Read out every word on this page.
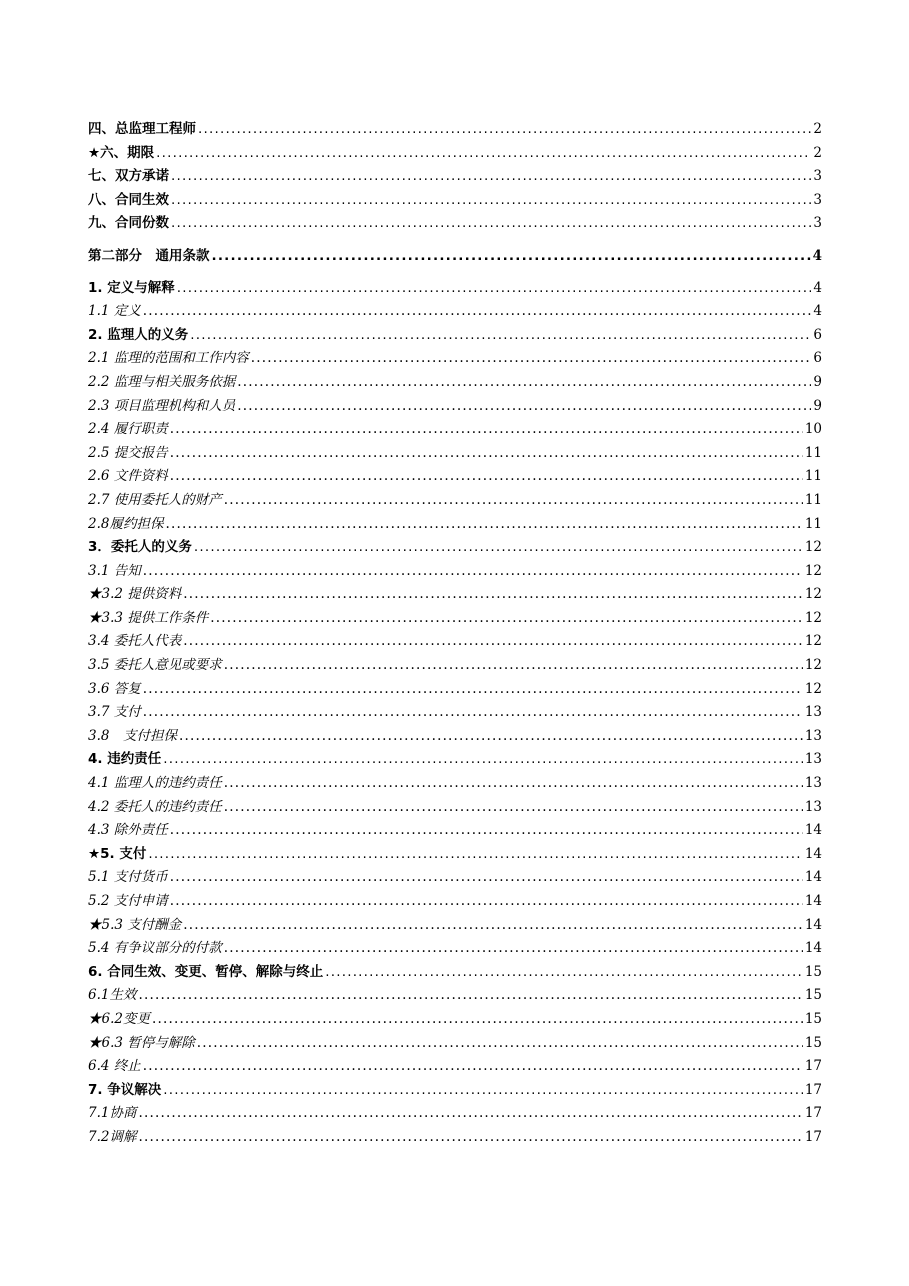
四、总监理工程师 .....	2
★六、期限 .....	2
七、双方承诺 .....	3
八、合同生效 .....	3
九、合同份数 .....	3
第二部分　通用条款 .....	4
1. 定义与解释 .....	4
1.1 定义 .....	4
2. 监理人的义务 .....	6
2.1 监理的范围和工作内容 .....	6
2.2 监理与相关服务依据 .....	9
2.3 项目监理机构和人员 .....	9
2.4 履行职责 .....	10
2.5 提交报告 .....	11
2.6 文件资料 .....	11
2.7 使用委托人的财产 .....	11
2.8履约担保 .....	11
3．委托人的义务 .....	12
3.1 告知 .....	12
★3.2 提供资料 .....	12
★3.3 提供工作条件 .....	12
3.4 委托人代表 .....	12
3.5 委托人意见或要求 .....	12
3.6 答复 .....	12
3.7 支付 .....	13
3.8　支付担保 .....	13
4. 违约责任 .....	13
4.1 监理人的违约责任 .....	13
4.2 委托人的违约责任 .....	13
4.3 除外责任 .....	14
★5. 支付 .....	14
5.1 支付货币 .....	14
5.2 支付申请 .....	14
★5.3 支付酬金 .....	14
5.4 有争议部分的付款 .....	14
6. 合同生效、变更、暂停、解除与终止 .....	15
6.1生效 .....	15
★6.2变更 .....	15
★6.3 暂停与解除 .....	15
6.4 终止 .....	17
7. 争议解决 .....	17
7.1协商 .....	17
7.2调解 .....	17
